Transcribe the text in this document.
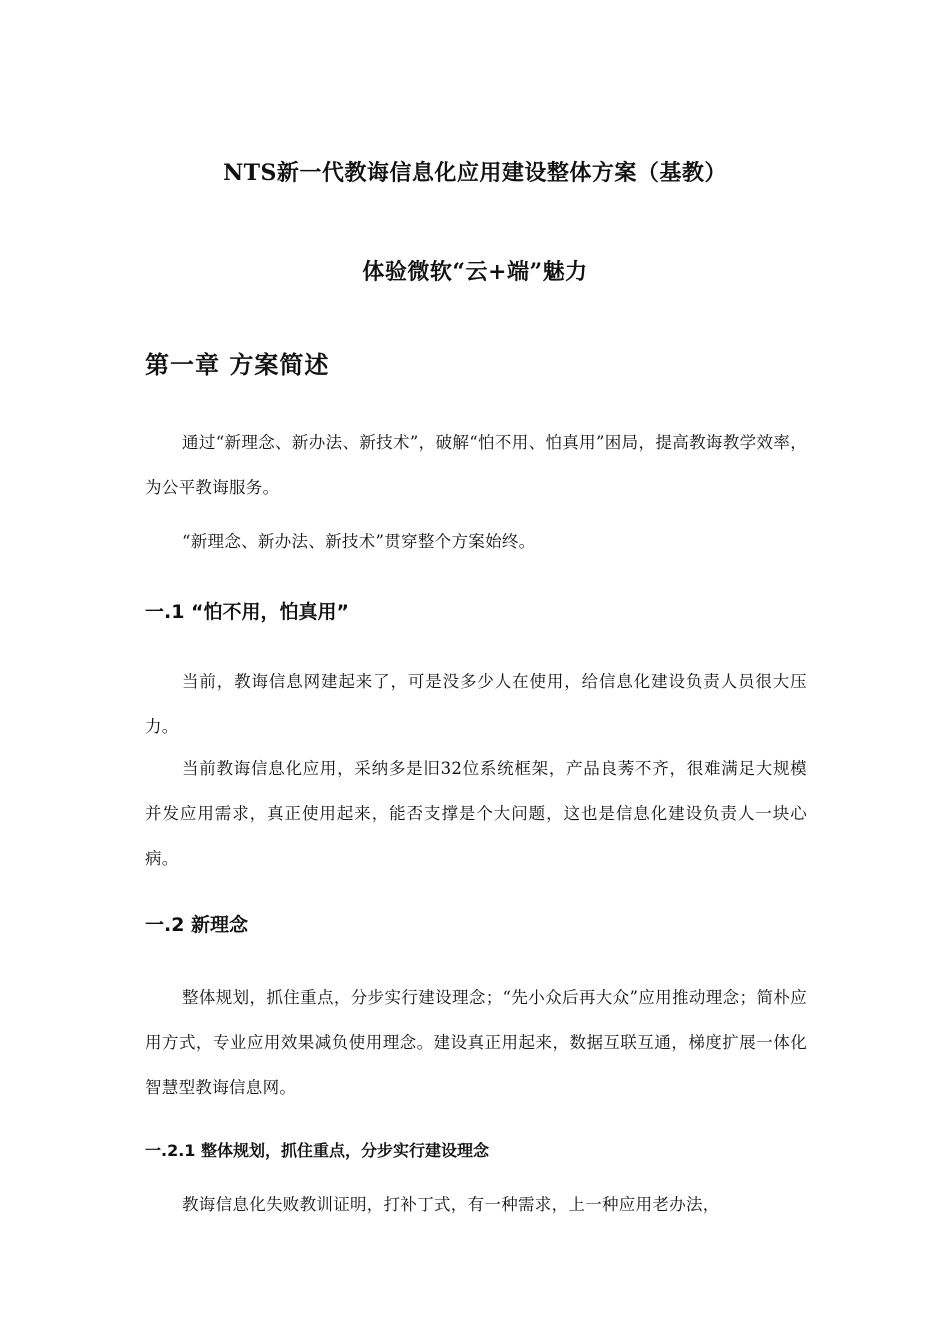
NTS新一代教诲信息化应用建设整体方案（基教）
体验微软“云+端”魅力
第一章 方案简述

通过“新理念、新办法、新技术”，破解“怕不用、怕真用”困局，提高教诲教学效率，为公平教诲服务。

“新理念、新办法、新技术”贯穿整个方案始终。

一.1 “怕不用，怕真用”

当前，教诲信息网建起来了，可是没多少人在使用，给信息化建设负责人员很大压力。

当前教诲信息化应用，采纳多是旧32位系统框架，产品良莠不齐，很难满足大规模并发应用需求，真正使用起来，能否支撑是个大问题，这也是信息化建设负责人一块心病。

一.2 新理念

整体规划，抓住重点，分步实行建设理念；“先小众后再大众”应用推动理念；简朴应用方式，专业应用效果减负使用理念。建设真正用起来，数据互联互通，梯度扩展一体化智慧型教诲信息网。

一.2.1 整体规划，抓住重点，分步实行建设理念

教诲信息化失败教训证明，打补丁式，有一种需求，上一种应用老办法，
